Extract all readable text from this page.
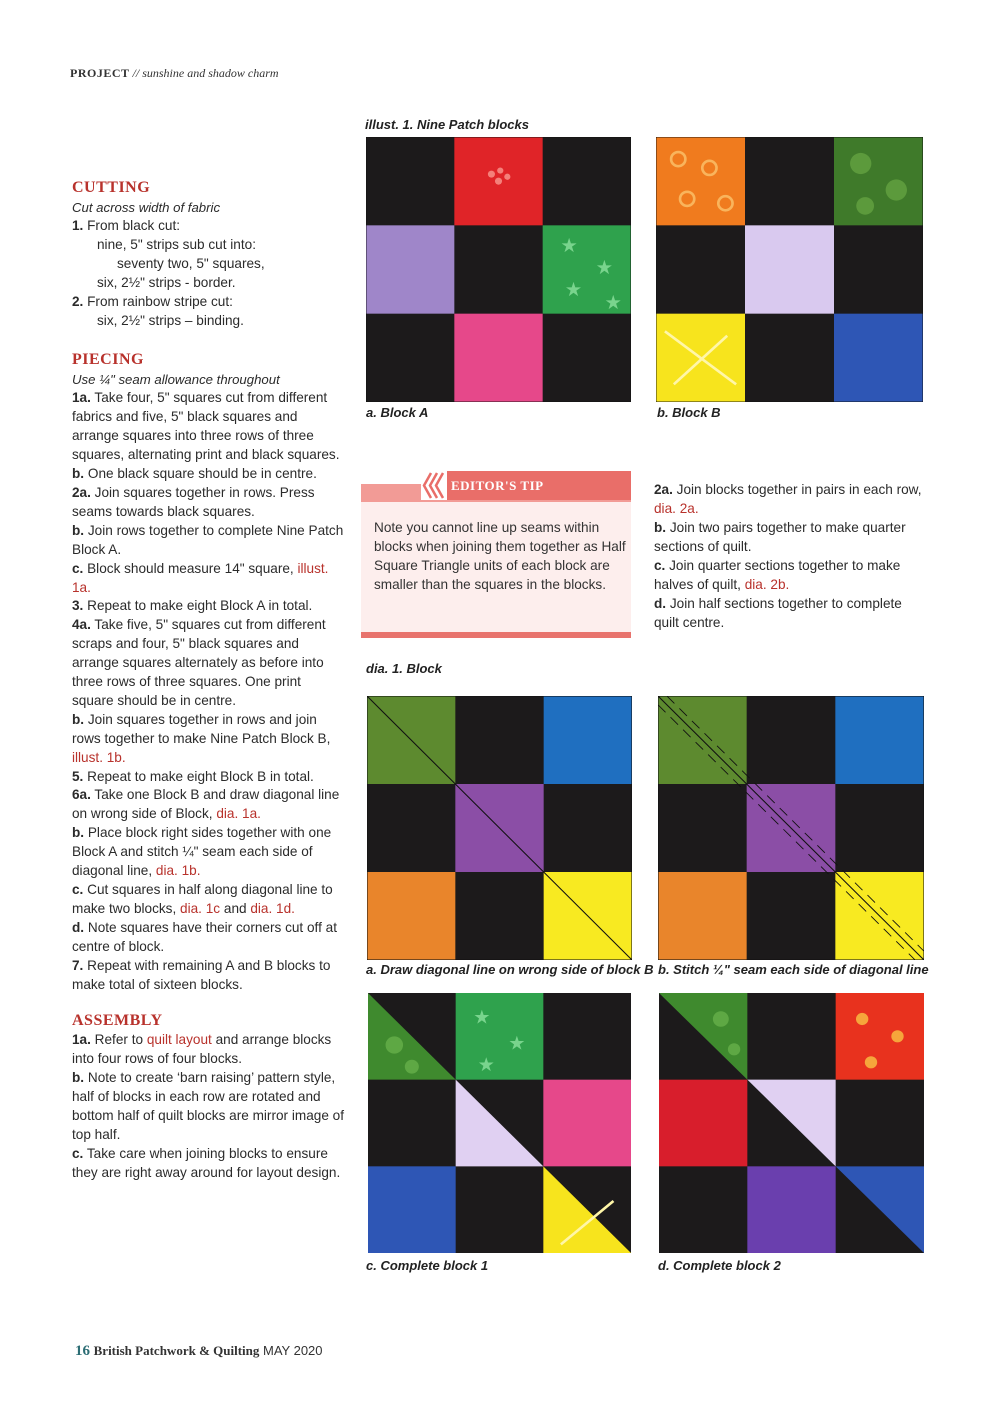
PROJECT // sunshine and shadow charm
CUTTING

Cut across width of fabric

1. From black cut:

nine, 5" strips sub cut into:

seventy two, 5" squares,

six, 2½" strips - border.

2. From rainbow stripe cut:

six, 2½" strips – binding.

PIECING

Use ¼" seam allowance throughout

1a. Take four, 5" squares cut from different fabrics and five, 5" black squares and arrange squares into three rows of three squares, alternating print and black squares.

b. One black square should be in centre.

2a. Join squares together in rows. Press seams towards black squares.

b. Join rows together to complete Nine Patch Block A.

c. Block should measure 14" square, illust. 1a.

3. Repeat to make eight Block A in total.

4a. Take five, 5" squares cut from different scraps and four, 5" black squares and arrange squares alternately as before into three rows of three squares. One print square should be in centre.

b. Join squares together in rows and join rows together to make Nine Patch Block B, illust. 1b.

5. Repeat to make eight Block B in total.

6a. Take one Block B and draw diagonal line on wrong side of Block, dia. 1a.

b. Place block right sides together with one Block A and stitch ¼" seam each side of diagonal line, dia. 1b.

c. Cut squares in half along diagonal line to make two blocks, dia. 1c and dia. 1d.

d. Note squares have their corners cut off at centre of block.

7. Repeat with remaining A and B blocks to make total of sixteen blocks.

ASSEMBLY

1a. Refer to quilt layout and arrange blocks into four rows of four blocks.

b. Note to create ‘barn raising’ pattern style, half of blocks in each row are rotated and bottom half of quilt blocks are mirror image of top half.

c. Take care when joining blocks to ensure they are right away around for layout design.

illust. 1. Nine Patch blocks
a. Block A	b. Block B
EDITOR'S TIP
Note you cannot line up seams within blocks when joining them together as Half Square Triangle units of each block are smaller than the squares in the blocks.

2a. Join blocks together in pairs in each row, dia. 2a.

b. Join two pairs together to make quarter sections of quilt.

c. Join quarter sections together to make halves of quilt, dia. 2b.

d. Join half sections together to complete quilt centre.

dia. 1. Block
a. Draw diagonal line on wrong side of block B b. Stitch ¼" seam each side of diagonal line
c. Complete block 1	d. Complete block 2
16 British Patchwork & Quilting MAY 2020
